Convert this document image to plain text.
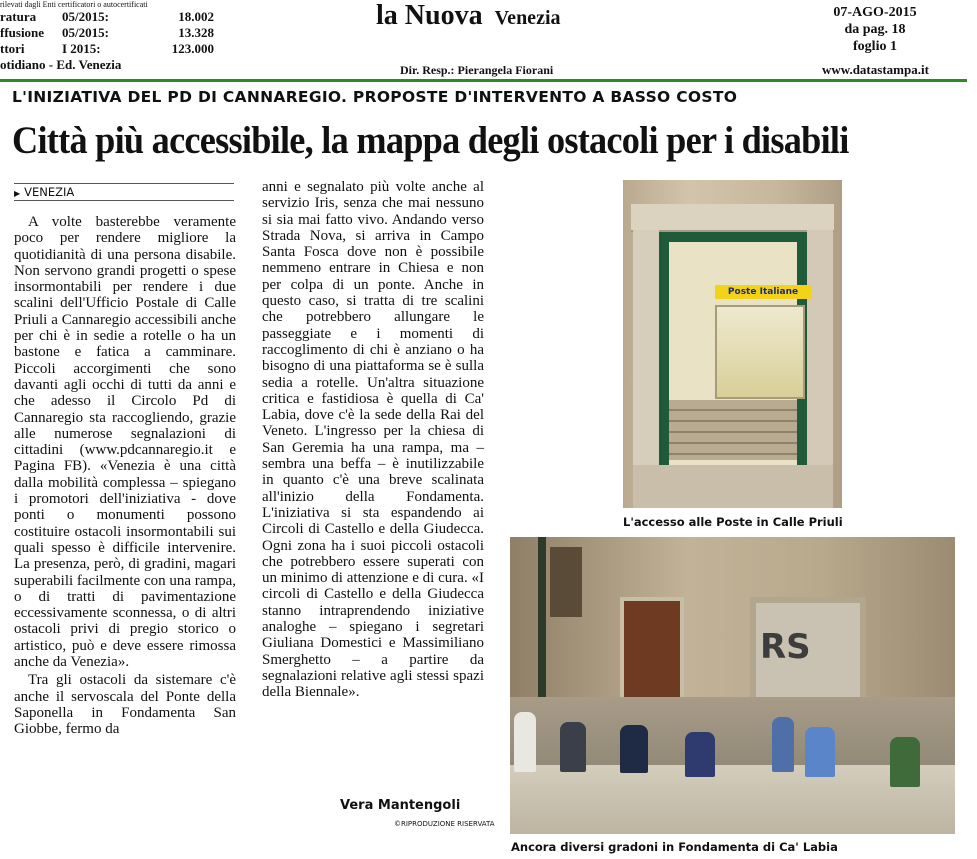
rilevati dagli Enti certificatori o autocertificati
ratura	05/2015:	18.002
ffusione	05/2015:	13.328
ttori	I 2015:	123.000
otidiano - Ed. Venezia
la Nuova Venezia
Dir. Resp.: Pierangela Fiorani
07-AGO-2015
da pag. 18
foglio 1
www.datastampa.it
L'INIZIATIVA DEL PD DI CANNAREGIO. PROPOSTE D'INTERVENTO A BASSO COSTO
Città più accessibile, la mappa degli ostacoli per i disabili
▶ VENEZIA

A volte basterebbe veramente poco per rendere migliore la quotidianità di una persona disabile. Non servono grandi progetti o spese insormontabili per rendere i due scalini dell'Ufficio Postale di Calle Priuli a Cannaregio accessibili anche per chi è in sedie a rotelle o ha un bastone e fatica a camminare. Piccoli accorgimenti che sono davanti agli occhi di tutti da anni e che adesso il Circolo Pd di Cannaregio sta raccogliendo, grazie alle numerose segnalazioni di cittadini (www.pdcannaregio.it e Pagina FB). «Venezia è una città dalla mobilità complessa – spiegano i promotori dell'iniziativa - dove ponti o monumenti possono costituire ostacoli insormontabili sui quali spesso è difficile intervenire. La presenza, però, di gradini, magari superabili facilmente con una rampa, o di tratti di pavimentazione eccessivamente sconnessa, o di altri ostacoli privi di pregio storico o artistico, può e deve essere rimossa anche da Venezia».

Tra gli ostacoli da sistemare c'è anche il servoscala del Ponte della Saponella in Fondamenta San Giobbe, fermo da

anni e segnalato più volte anche al servizio Iris, senza che mai nessuno si sia mai fatto vivo. Andando verso Strada Nova, si arriva in Campo Santa Fosca dove non è possibile nemmeno entrare in Chiesa e non per colpa di un ponte. Anche in questo caso, si tratta di tre scalini che potrebbero allungare le passeggiate e i momenti di raccoglimento di chi è anziano o ha bisogno di una piattaforma se è sulla sedia a rotelle. Un'altra situazione critica e fastidiosa è quella di Ca' Labia, dove c'è la sede della Rai del Veneto. L'ingresso per la chiesa di San Geremia ha una rampa, ma – sembra una beffa – è inutilizzabile in quanto c'è una breve scalinata all'inizio della Fondamenta. L'iniziativa si sta espandendo ai Circoli di Castello e della Giudecca. Ogni zona ha i suoi piccoli ostacoli che potrebbero essere superati con un minimo di attenzione e di cura. «I circoli di Castello e della Giudecca stanno intraprendendo iniziative analoghe – spiegano i segretari Giuliana Domestici e Massimiliano Smerghetto – a partire da segnalazioni relative agli stessi spazi della Biennale».

Vera Mantengoli
©RIPRODUZIONE RISERVATA
Poste Italiane
L'accesso alle Poste in Calle Priuli
RS
Ancora diversi gradoni in Fondamenta di Ca' Labia
